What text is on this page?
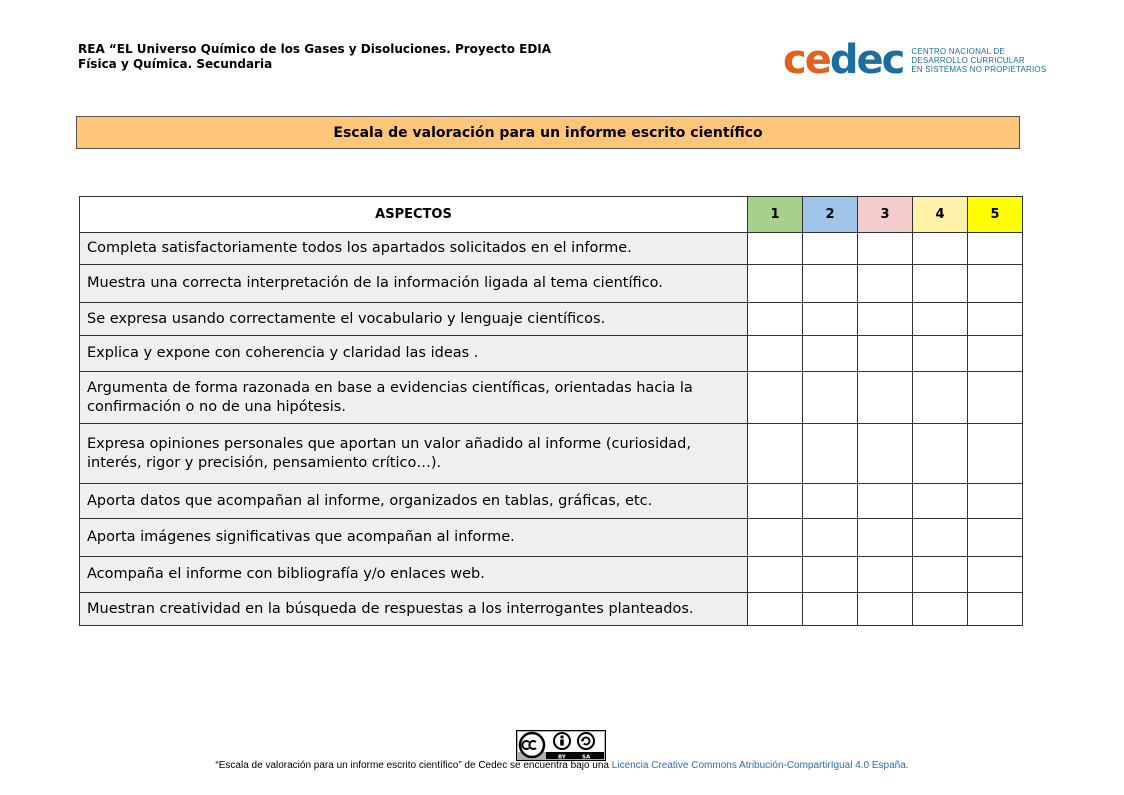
REA “EL Universo Químico de los Gases y Disoluciones. Proyecto EDIA
Física y Química. Secundaria	cedec CENTRO NACIONAL DE
DESARROLLO CURRICULAR
EN SISTEMAS NO PROPIETARIOS
Escala de valoración para un informe escrito científico
ASPECTOS	1	2	3	4	5
Completa satisfactoriamente todos los apartados solicitados en el informe.					
Muestra una correcta interpretación de la información ligada al tema científico.					
Se expresa usando correctamente el vocabulario y lenguaje científicos.					
Explica y expone con coherencia y claridad las ideas .					
Argumenta de forma razonada en base a evidencias científicas, orientadas hacia la confirmación o no de una hipótesis.					
Expresa opiniones personales que aportan un valor añadido al informe (curiosidad, interés, rigor y precisión, pensamiento crítico…).					
Aporta datos que acompañan al informe, organizados en tablas, gráficas, etc.					
Aporta imágenes significativas que acompañan al informe.					
Acompaña el informe con bibliografía y/o enlaces web.					
Muestran creatividad en la búsqueda de respuestas a los interrogantes planteados.					
BY	SA
“Escala de valoración para un informe escrito científico” de Cedec se encuentra bajo una Licencia Creative Commons Atribución-CompartirIgual 4.0 España.
